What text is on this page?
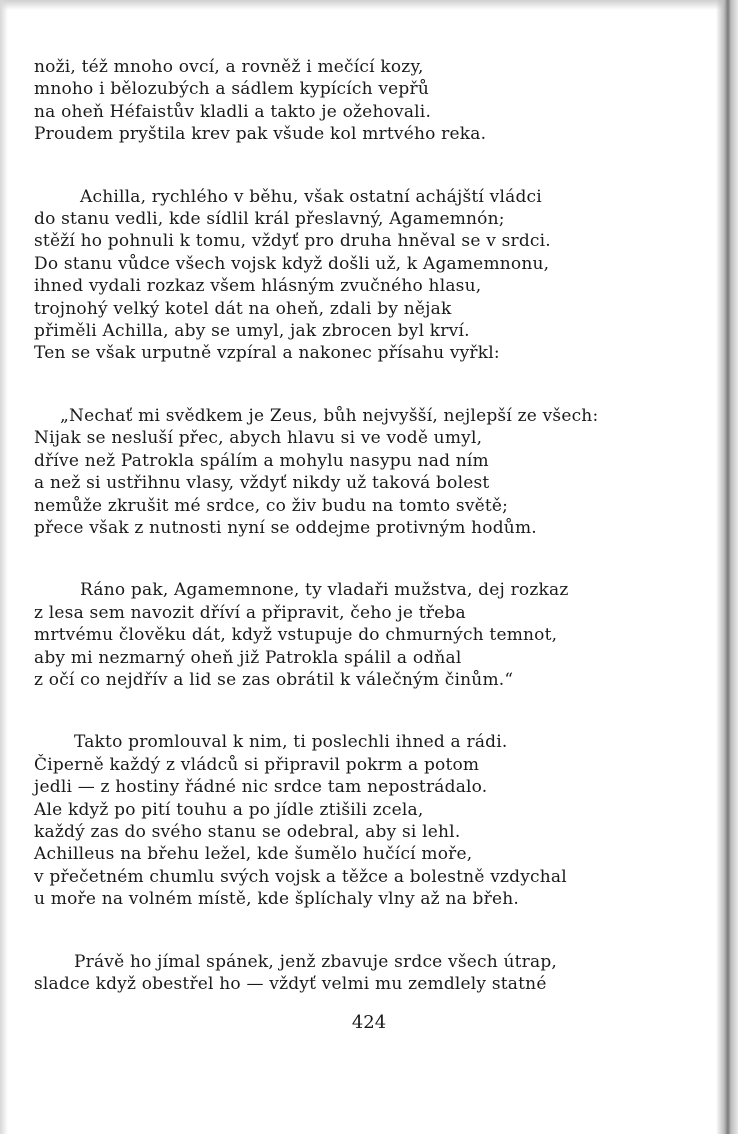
noži, též mnoho ovcí, a rovněž i mečící kozy,
mnoho i bělozubých a sádlem kypících vepřů
na oheň Héfaistův kladli a takto je ožehovali.
Proudem pryštila krev pak všude kol mrtvého reka.
Achilla, rychlého v běhu, však ostatní achájští vládci
do stanu vedli, kde sídlil král přeslavný, Agamemnón;
stěží ho pohnuli k tomu, vždyť pro druha hněval se v srdci.
Do stanu vůdce všech vojsk když došli už, k Agamemnonu,
ihned vydali rozkaz všem hlásným zvučného hlasu,
trojnohý velký kotel dát na oheň, zdali by nějak
přiměli Achilla, aby se umyl, jak zbrocen byl krví.
Ten se však urputně vzpíral a nakonec přísahu vyřkl:
„Nechať mi svědkem je Zeus, bůh nejvyšší, nejlepší ze všech:
Nijak se nesluší přec, abych hlavu si ve vodě umyl,
dříve než Patrokla spálím a mohylu nasypu nad ním
a než si ustřihnu vlasy, vždyť nikdy už taková bolest
nemůže zkrušit mé srdce, co živ budu na tomto světě;
přece však z nutnosti nyní se oddejme protivným hodům.
Ráno pak, Agamemnone, ty vladaři mužstva, dej rozkaz
z lesa sem navozit dříví a připravit, čeho je třeba
mrtvému člověku dát, když vstupuje do chmurných temnot,
aby mi nezmarný oheň již Patrokla spálil a odňal
z očí co nejdřív a lid se zas obrátil k válečným činům.“
Takto promlouval k nim, ti poslechli ihned a rádi.
Čiperně každý z vládců si připravil pokrm a potom
jedli — z hostiny řádné nic srdce tam nepostrádalo.
Ale když po pití touhu a po jídle ztišili zcela,
každý zas do svého stanu se odebral, aby si lehl.
Achilleus na břehu ležel, kde šumělo hučící moře,
v přečetném chumlu svých vojsk a těžce a bolestně vzdychal
u moře na volném místě, kde šplíchaly vlny až na břeh.
Právě ho jímal spánek, jenž zbavuje srdce všech útrap,
sladce když obestřel ho — vždyť velmi mu zemdlely statné
424
